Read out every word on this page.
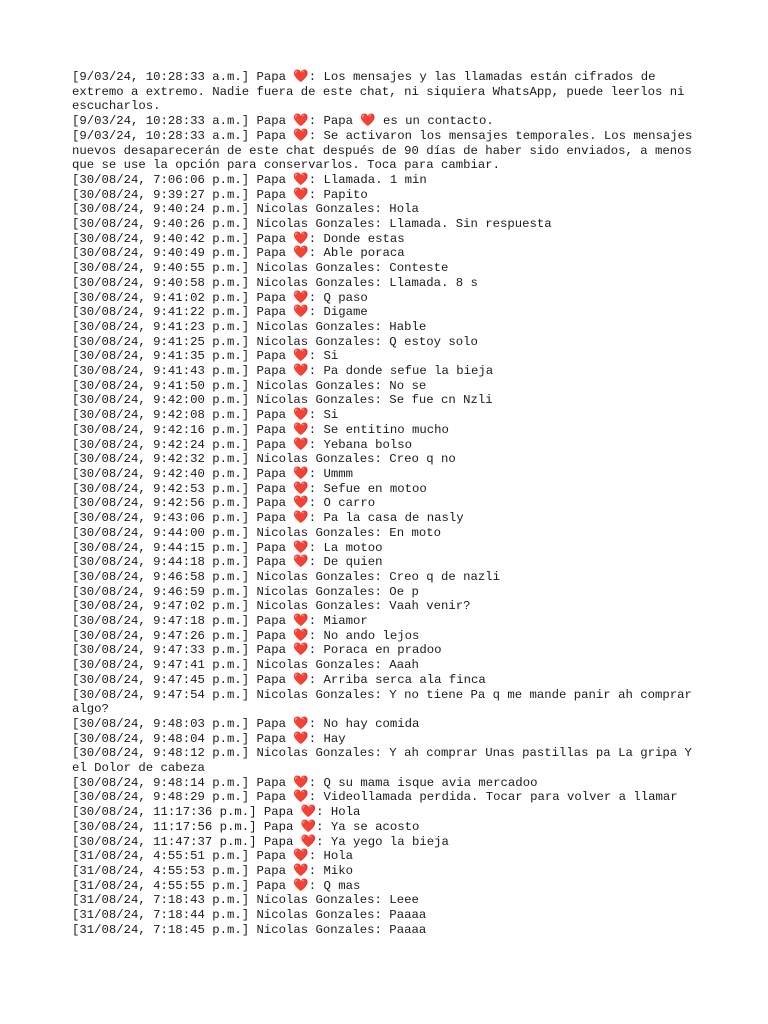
[9/03/24, 10:28:33 a.m.] Papa ❤️: Los mensajes y las llamadas están cifrados de extremo a extremo. Nadie fuera de este chat, ni siquiera WhatsApp, puede leerlos ni escucharlos.

[9/03/24, 10:28:33 a.m.] Papa ❤️: Papa ❤️ es un contacto.

[9/03/24, 10:28:33 a.m.] Papa ❤️: Se activaron los mensajes temporales. Los mensajes nuevos desaparecerán de este chat después de 90 días de haber sido enviados, a menos que se use la opción para conservarlos. Toca para cambiar.

[30/08/24, 7:06:06 p.m.] Papa ❤️: Llamada. 1 min

[30/08/24, 9:39:27 p.m.] Papa ❤️: Papito

[30/08/24, 9:40:24 p.m.] Nicolas Gonzales: Hola

[30/08/24, 9:40:26 p.m.] Nicolas Gonzales: Llamada. Sin respuesta

[30/08/24, 9:40:42 p.m.] Papa ❤️: Donde estas

[30/08/24, 9:40:49 p.m.] Papa ❤️: Able poraca

[30/08/24, 9:40:55 p.m.] Nicolas Gonzales: Conteste

[30/08/24, 9:40:58 p.m.] Nicolas Gonzales: Llamada. 8 s

[30/08/24, 9:41:02 p.m.] Papa ❤️: Q paso

[30/08/24, 9:41:22 p.m.] Papa ❤️: Digame

[30/08/24, 9:41:23 p.m.] Nicolas Gonzales: Hable

[30/08/24, 9:41:25 p.m.] Nicolas Gonzales: Q estoy solo

[30/08/24, 9:41:35 p.m.] Papa ❤️: Si

[30/08/24, 9:41:43 p.m.] Papa ❤️: Pa donde sefue la bieja

[30/08/24, 9:41:50 p.m.] Nicolas Gonzales: No se

[30/08/24, 9:42:00 p.m.] Nicolas Gonzales: Se fue cn Nzli

[30/08/24, 9:42:08 p.m.] Papa ❤️: Si

[30/08/24, 9:42:16 p.m.] Papa ❤️: Se entitino mucho

[30/08/24, 9:42:24 p.m.] Papa ❤️: Yebana bolso

[30/08/24, 9:42:32 p.m.] Nicolas Gonzales: Creo q no

[30/08/24, 9:42:40 p.m.] Papa ❤️: Ummm

[30/08/24, 9:42:53 p.m.] Papa ❤️: Sefue en motoo

[30/08/24, 9:42:56 p.m.] Papa ❤️: O carro

[30/08/24, 9:43:06 p.m.] Papa ❤️: Pa la casa de nasly

[30/08/24, 9:44:00 p.m.] Nicolas Gonzales: En moto

[30/08/24, 9:44:15 p.m.] Papa ❤️: La motoo

[30/08/24, 9:44:18 p.m.] Papa ❤️: De quien

[30/08/24, 9:46:58 p.m.] Nicolas Gonzales: Creo q de nazli

[30/08/24, 9:46:59 p.m.] Nicolas Gonzales: Oe p

[30/08/24, 9:47:02 p.m.] Nicolas Gonzales: Vaah venir?

[30/08/24, 9:47:18 p.m.] Papa ❤️: Miamor

[30/08/24, 9:47:26 p.m.] Papa ❤️: No ando lejos

[30/08/24, 9:47:33 p.m.] Papa ❤️: Poraca en pradoo

[30/08/24, 9:47:41 p.m.] Nicolas Gonzales: Aaah

[30/08/24, 9:47:45 p.m.] Papa ❤️: Arriba serca ala finca

[30/08/24, 9:47:54 p.m.] Nicolas Gonzales: Y no tiene Pa q me mande panir ah comprar algo?

[30/08/24, 9:48:03 p.m.] Papa ❤️: No hay comida

[30/08/24, 9:48:04 p.m.] Papa ❤️: Hay

[30/08/24, 9:48:12 p.m.] Nicolas Gonzales: Y ah comprar Unas pastillas pa La gripa Y el Dolor de cabeza

[30/08/24, 9:48:14 p.m.] Papa ❤️: Q su mama isque avia mercadoo

[30/08/24, 9:48:29 p.m.] Papa ❤️: Videollamada perdida. Tocar para volver a llamar

[30/08/24, 11:17:36 p.m.] Papa ❤️: Hola

[30/08/24, 11:17:56 p.m.] Papa ❤️: Ya se acosto

[30/08/24, 11:47:37 p.m.] Papa ❤️: Ya yego la bieja

[31/08/24, 4:55:51 p.m.] Papa ❤️: Hola

[31/08/24, 4:55:53 p.m.] Papa ❤️: Miko

[31/08/24, 4:55:55 p.m.] Papa ❤️: Q mas

[31/08/24, 7:18:43 p.m.] Nicolas Gonzales: Leee

[31/08/24, 7:18:44 p.m.] Nicolas Gonzales: Paaaa

[31/08/24, 7:18:45 p.m.] Nicolas Gonzales: Paaaa
